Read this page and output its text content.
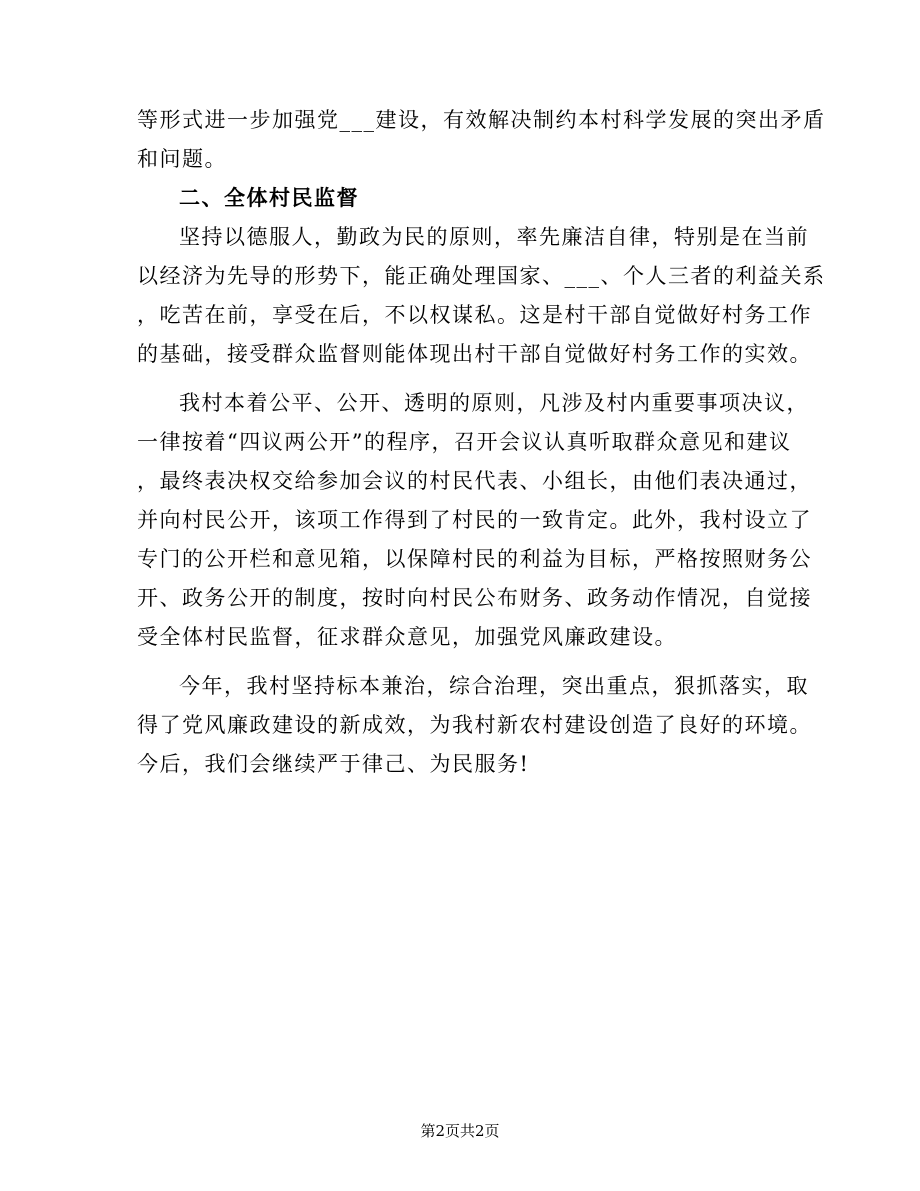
等形式进一步加强党___建设，有效解决制约本村科学发展的突出矛盾
和问题。
二、全体村民监督
坚持以德服人，勤政为民的原则，率先廉洁自律，特别是在当前
以经济为先导的形势下，能正确处理国家、___、个人三者的利益关系
，吃苦在前，享受在后，不以权谋私。这是村干部自觉做好村务工作
的基础，接受群众监督则能体现出村干部自觉做好村务工作的实效。
我村本着公平、公开、透明的原则，凡涉及村内重要事项决议，
一律按着“四议两公开”的程序，召开会议认真听取群众意见和建议
，最终表决权交给参加会议的村民代表、小组长，由他们表决通过，
并向村民公开，该项工作得到了村民的一致肯定。此外，我村设立了
专门的公开栏和意见箱，以保障村民的利益为目标，严格按照财务公
开、政务公开的制度，按时向村民公布财务、政务动作情况，自觉接
受全体村民监督，征求群众意见，加强党风廉政建设。
今年，我村坚持标本兼治，综合治理，突出重点，狠抓落实，取
得了党风廉政建设的新成效，为我村新农村建设创造了良好的环境。
今后，我们会继续严于律己、为民服务!
第2页共2页
